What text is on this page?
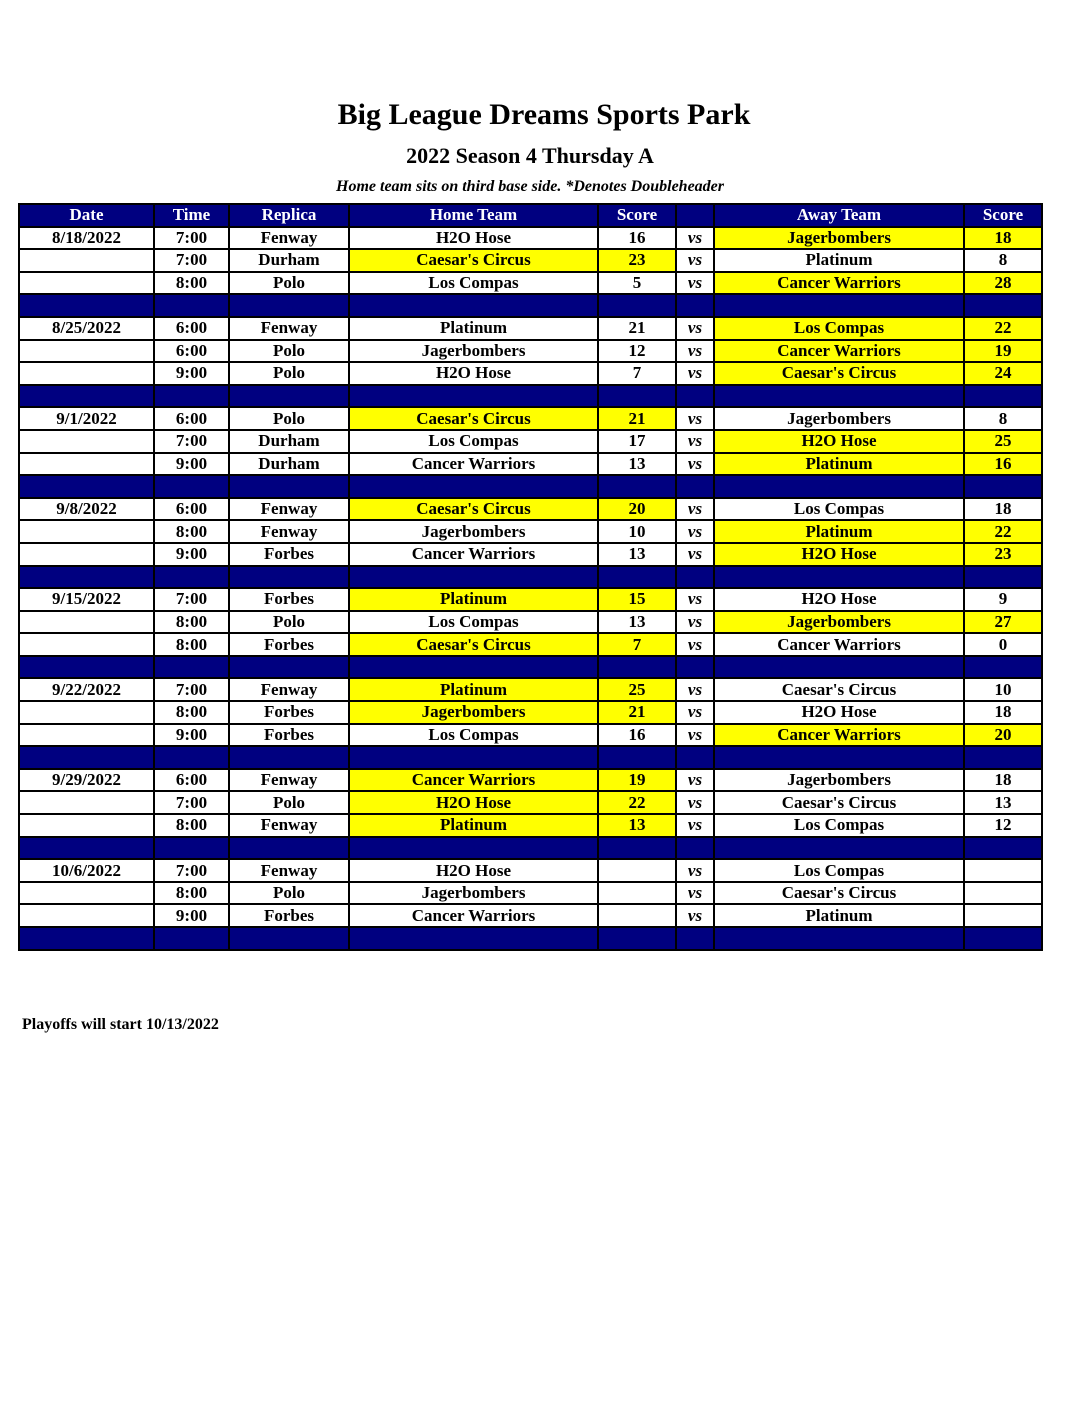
Big League Dreams Sports Park
2022 Season 4 Thursday A
Home team sits on third base side. *Denotes Doubleheader
Date	Time	Replica	Home Team	Score		Away Team	Score
8/18/2022	7:00	Fenway	H2O Hose	16	vs	Jagerbombers	18
	7:00	Durham	Caesar's Circus	23	vs	Platinum	8
	8:00	Polo	Los Compas	5	vs	Cancer Warriors	28

8/25/2022	6:00	Fenway	Platinum	21	vs	Los Compas	22
	6:00	Polo	Jagerbombers	12	vs	Cancer Warriors	19
	9:00	Polo	H2O Hose	7	vs	Caesar's Circus	24

9/1/2022	6:00	Polo	Caesar's Circus	21	vs	Jagerbombers	8
	7:00	Durham	Los Compas	17	vs	H2O Hose	25
	9:00	Durham	Cancer Warriors	13	vs	Platinum	16

9/8/2022	6:00	Fenway	Caesar's Circus	20	vs	Los Compas	18
	8:00	Fenway	Jagerbombers	10	vs	Platinum	22
	9:00	Forbes	Cancer Warriors	13	vs	H2O Hose	23

9/15/2022	7:00	Forbes	Platinum	15	vs	H2O Hose	9
	8:00	Polo	Los Compas	13	vs	Jagerbombers	27
	8:00	Forbes	Caesar's Circus	7	vs	Cancer Warriors	0

9/22/2022	7:00	Fenway	Platinum	25	vs	Caesar's Circus	10
	8:00	Forbes	Jagerbombers	21	vs	H2O Hose	18
	9:00	Forbes	Los Compas	16	vs	Cancer Warriors	20

9/29/2022	6:00	Fenway	Cancer Warriors	19	vs	Jagerbombers	18
	7:00	Polo	H2O Hose	22	vs	Caesar's Circus	13
	8:00	Fenway	Platinum	13	vs	Los Compas	12

10/6/2022	7:00	Fenway	H2O Hose		vs	Los Compas	
	8:00	Polo	Jagerbombers		vs	Caesar's Circus	
	9:00	Forbes	Cancer Warriors		vs	Platinum	

Playoffs will start 10/13/2022
